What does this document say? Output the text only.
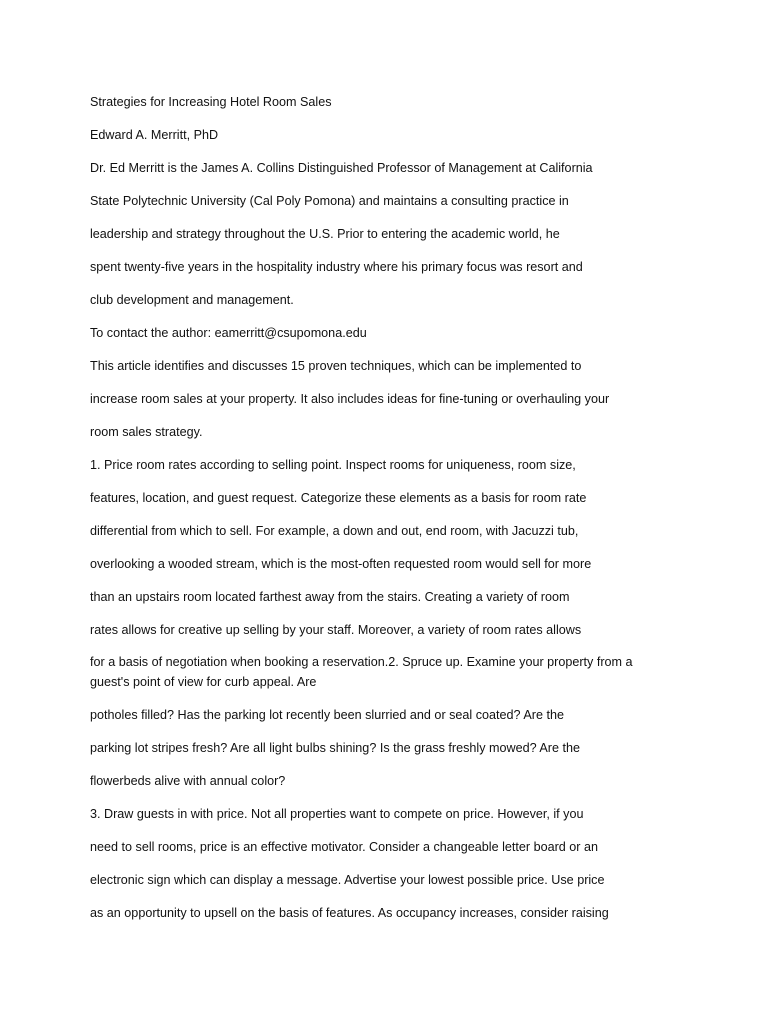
Strategies for Increasing Hotel Room Sales
Edward A. Merritt, PhD
Dr. Ed Merritt is the James A. Collins Distinguished Professor of Management at California
State Polytechnic University (Cal Poly Pomona) and maintains a consulting practice in
leadership and strategy throughout the U.S. Prior to entering the academic world, he
spent twenty-five years in the hospitality industry where his primary focus was resort and
club development and management.
To contact the author: eamerritt@csupomona.edu
This article identifies and discusses 15 proven techniques, which can be implemented to
increase room sales at your property. It also includes ideas for fine-tuning or overhauling your
room sales strategy.
1. Price room rates according to selling point. Inspect rooms for uniqueness, room size,
features, location, and guest request. Categorize these elements as a basis for room rate
differential from which to sell. For example, a down and out, end room, with Jacuzzi tub,
overlooking a wooded stream, which is the most-often requested room would sell for more
than an upstairs room located farthest away from the stairs. Creating a variety of room
rates allows for creative up selling by your staff. Moreover, a variety of room rates allows
for a basis of negotiation when booking a reservation.2. Spruce up. Examine your property from a
guest's point of view for curb appeal. Are
potholes filled? Has the parking lot recently been slurried and or seal coated? Are the
parking lot stripes fresh? Are all light bulbs shining? Is the grass freshly mowed? Are the
flowerbeds alive with annual color?
3. Draw guests in with price. Not all properties want to compete on price. However, if you
need to sell rooms, price is an effective motivator. Consider a changeable letter board or an
electronic sign which can display a message. Advertise your lowest possible price. Use price
as an opportunity to upsell on the basis of features. As occupancy increases, consider raising
